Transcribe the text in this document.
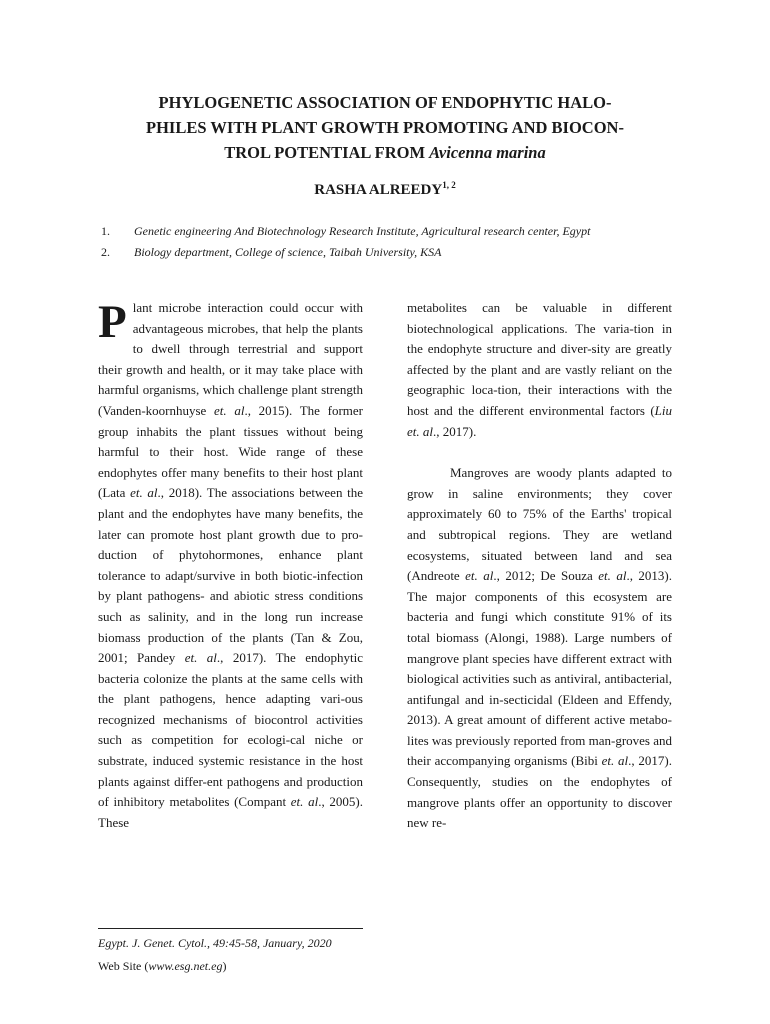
PHYLOGENETIC ASSOCIATION OF ENDOPHYTIC HALO-
PHILES WITH PLANT GROWTH PROMOTING AND BIOCON-
TROL POTENTIAL FROM Avicenna marina
RASHA ALREEDY$^{1, 2}$
1. Genetic engineering And Biotechnology Research Institute, Agricultural research center, Egypt
2. Biology department, College of science, Taibah University, KSA

Plant microbe interaction could occur with advantageous microbes, that help the plants to dwell through terrestrial and support their growth and health, or it may take place with harmful organisms, which challenge plant strength (Vanden-koornhuyse et. al., 2015). The former group inhabits the plant tissues without being harmful to their host. Wide range of these endophytes offer many benefits to their host plant (Lata et. al., 2018). The associations between the plant and the endophytes have many benefits, the later can promote host plant growth due to pro-duction of phytohormones, enhance plant tolerance to adapt/survive in both biotic-infection by plant pathogens- and abiotic stress conditions such as salinity, and in the long run increase biomass production of the plants (Tan & Zou, 2001; Pandey et. al., 2017). The endophytic bacteria colonize the plants at the same cells with the plant pathogens, hence adapting vari-ous recognized mechanisms of biocontrol activities such as competition for ecologi-cal niche or substrate, induced systemic resistance in the host plants against differ-ent pathogens and production of inhibitory metabolites (Compant et. al., 2005). These

metabolites can be valuable in different biotechnological applications. The varia-tion in the endophyte structure and diver-sity are greatly affected by the plant and are vastly reliant on the geographic loca-tion, their interactions with the host and the different environmental factors (Liu et. al., 2017).

Mangroves are woody plants adapted to grow in saline environments; they cover approximately 60 to 75% of the Earths' tropical and subtropical regions. They are wetland ecosystems, situated between land and sea (Andreote et. al., 2012; De Souza et. al., 2013). The major components of this ecosystem are bacteria and fungi which constitute 91% of its total biomass (Alongi, 1988). Large numbers of mangrove plant species have different extract with biological activities such as antiviral, antibacterial, antifungal and in-secticidal (Eldeen and Effendy, 2013). A great amount of different active metabo-lites was previously reported from man-groves and their accompanying organisms (Bibi et. al., 2017). Consequently, studies on the endophytes of mangrove plants offer an opportunity to discover new re-

Egypt. J. Genet. Cytol., 49:45-58, January, 2020
Web Site (www.esg.net.eg)
